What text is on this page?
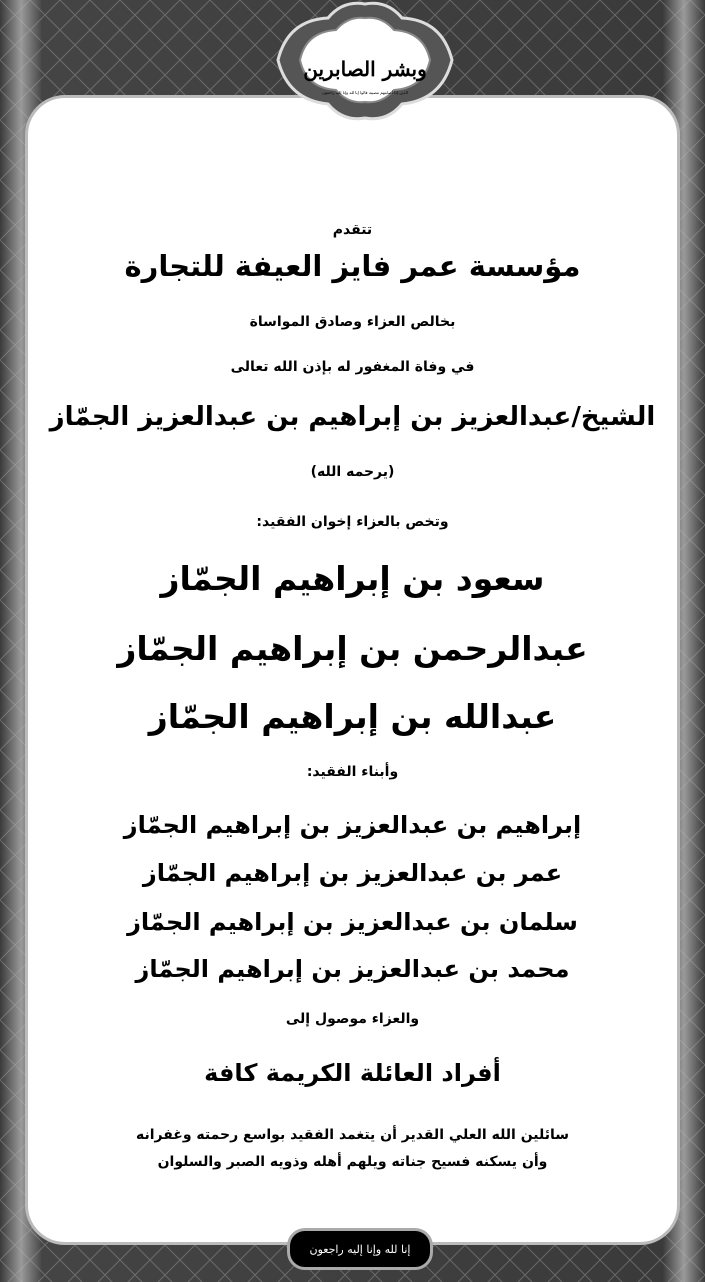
وبشر الصابرين
الذين إذا أصابتهم مصيبة قالوا إنا لله وإنا إليه راجعون
تتقدم
مؤسسة عمر فايز العيفة للتجارة
بخالص العزاء وصادق المواساة
في وفاة المغفور له بإذن الله تعالى
الشيخ/عبدالعزيز بن إبراهيم بن عبدالعزيز الجمّاز
(يرحمه الله)
وتخص بالعزاء إخوان الفقيد:
سعود بن إبراهيم الجمّاز
عبدالرحمن بن إبراهيم الجمّاز
عبدالله بن إبراهيم الجمّاز
وأبناء الفقيد:
إبراهيم بن عبدالعزيز بن إبراهيم الجمّاز
عمر بن عبدالعزيز بن إبراهيم الجمّاز
سلمان بن عبدالعزيز بن إبراهيم الجمّاز
محمد بن عبدالعزيز بن إبراهيم الجمّاز
والعزاء موصول إلى
أفراد العائلة الكريمة كافة
سائلين الله العلي القدير أن يتغمد الفقيد بواسع رحمته وغفرانه
وأن يسكنه فسيح جناته ويلهم أهله وذويه الصبر والسلوان
إنا لله وإنا إليه راجعون
